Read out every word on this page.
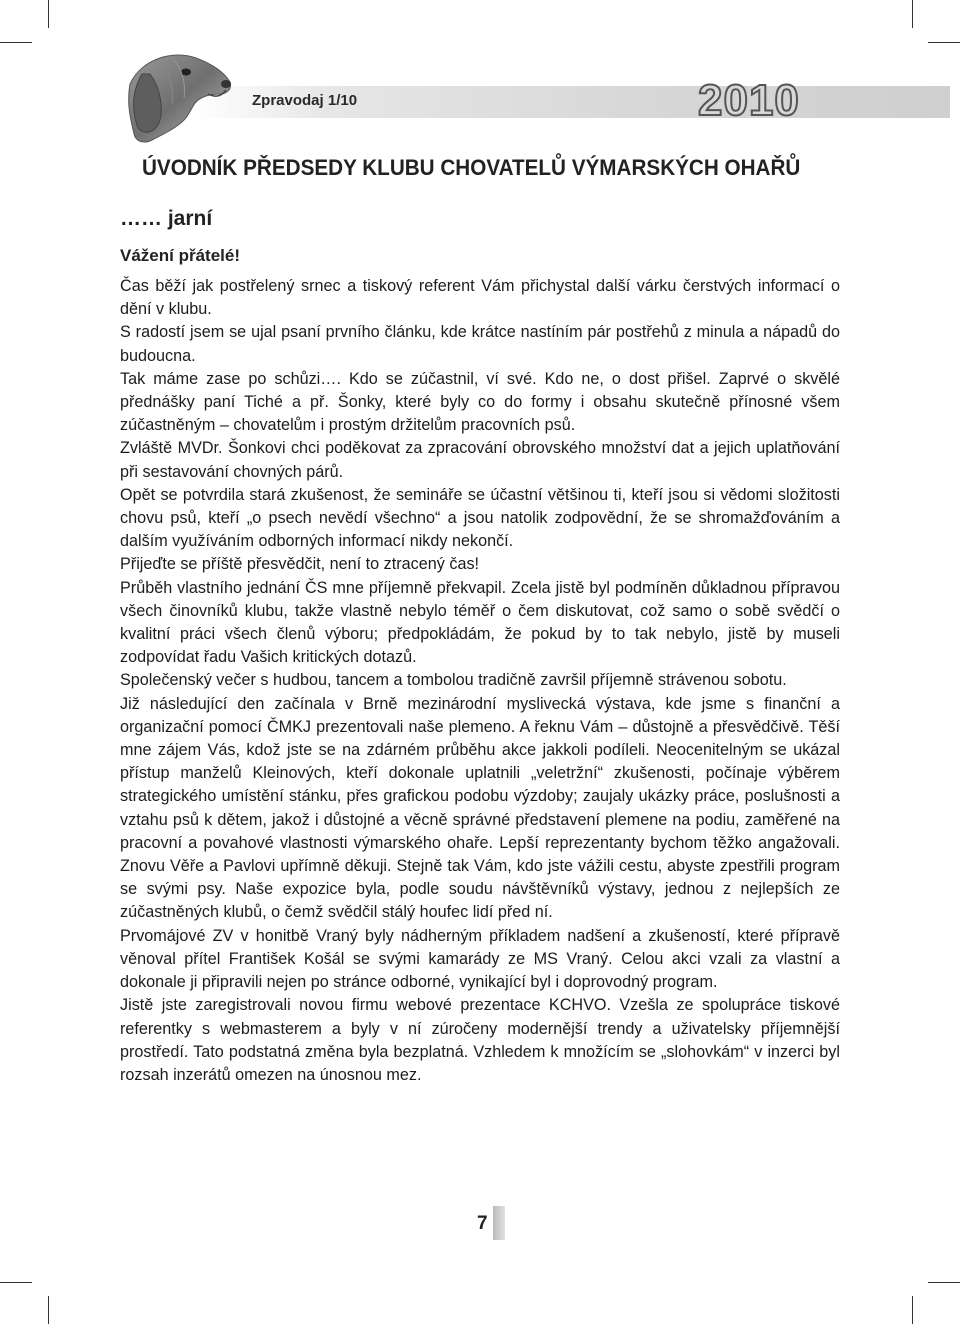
Zpravodaj 1/10	2010
ÚVODNÍK PŘEDSEDY KLUBU CHOVATELŮ VÝMARSKÝCH OHAŘŮ
…… jarní
Vážení přátelé!

Čas běží jak postřelený srnec a tiskový referent Vám přichystal další várku čerstvých informací o dění v klubu.

S radostí jsem se ujal psaní prvního článku, kde krátce nastíním pár postřehů z minula a nápadů do budoucna.

Tak máme zase po schůzi…. Kdo se zúčastnil, ví své. Kdo ne, o dost přišel. Zaprvé o skvělé přednášky paní Tiché a př. Šonky, které byly co do formy i obsahu skutečně přínosné všem zúčastněným – chovatelům i prostým držitelům pracovních psů.

Zvláště MVDr. Šonkovi chci poděkovat za zpracování obrovského množství dat a jejich uplatňování při sestavování chovných párů.

Opět se potvrdila stará zkušenost, že semináře se účastní většinou ti, kteří jsou si vědomi složitosti chovu psů, kteří „o psech nevědí všechno“ a jsou natolik zodpovědní, že se shromažďováním a dalším využíváním odborných informací nikdy nekončí.

Přijeďte se příště přesvědčit, není to ztracený čas!

Průběh vlastního jednání ČS mne příjemně překvapil. Zcela jistě byl podmíněn důkladnou přípravou všech činovníků klubu, takže vlastně nebylo téměř o čem diskutovat, což samo o sobě svědčí o kvalitní práci všech členů výboru; předpokládám, že pokud by to tak nebylo, jistě by museli zodpovídat řadu Vašich kritických dotazů.

Společenský večer s hudbou, tancem a tombolou tradičně završil příjemně strávenou sobotu.

Již následující den začínala v Brně mezinárodní myslivecká výstava, kde jsme s finanční a organizační pomocí ČMKJ prezentovali naše plemeno. A řeknu Vám – důstojně a přesvědčivě. Těší mne zájem Vás, kdož jste se na zdárném průběhu akce jakkoli podíleli. Neocenitelným se ukázal přístup manželů Kleinových, kteří dokonale uplatnili „veletržní“ zkušenosti, počínaje výběrem strategického umístění stánku, přes grafickou podobu výzdoby; zaujaly ukázky práce, poslušnosti a vztahu psů k dětem, jakož i důstojné a věcně správné představení plemene na podiu, zaměřené na pracovní a povahové vlastnosti výmarského ohaře. Lepší reprezentanty bychom těžko angažovali. Znovu Věře a Pavlovi upřímně děkuji. Stejně tak Vám, kdo jste vážili cestu, abyste zpestřili program se svými psy. Naše expozice byla, podle soudu návštěvníků výstavy, jednou z nejlepších ze zúčastněných klubů, o čemž svědčil stálý houfec lidí před ní.

Prvomájové ZV v honitbě Vraný byly nádherným příkladem nadšení a zkušeností, které přípravě věnoval přítel František Košál se svými kamarády ze MS Vraný. Celou akci vzali za vlastní a dokonale ji připravili nejen po stránce odborné, vynikající byl i doprovodný program.

Jistě jste zaregistrovali novou firmu webové prezentace KCHVO. Vzešla ze spolupráce tiskové referentky s webmasterem a byly v ní zúročeny modernější trendy a uživatelsky příjemnější prostředí. Tato podstatná změna byla bezplatná. Vzhledem k množícím se „slohovkám“ v inzerci byl rozsah inzerátů omezen na únosnou mez.

7
